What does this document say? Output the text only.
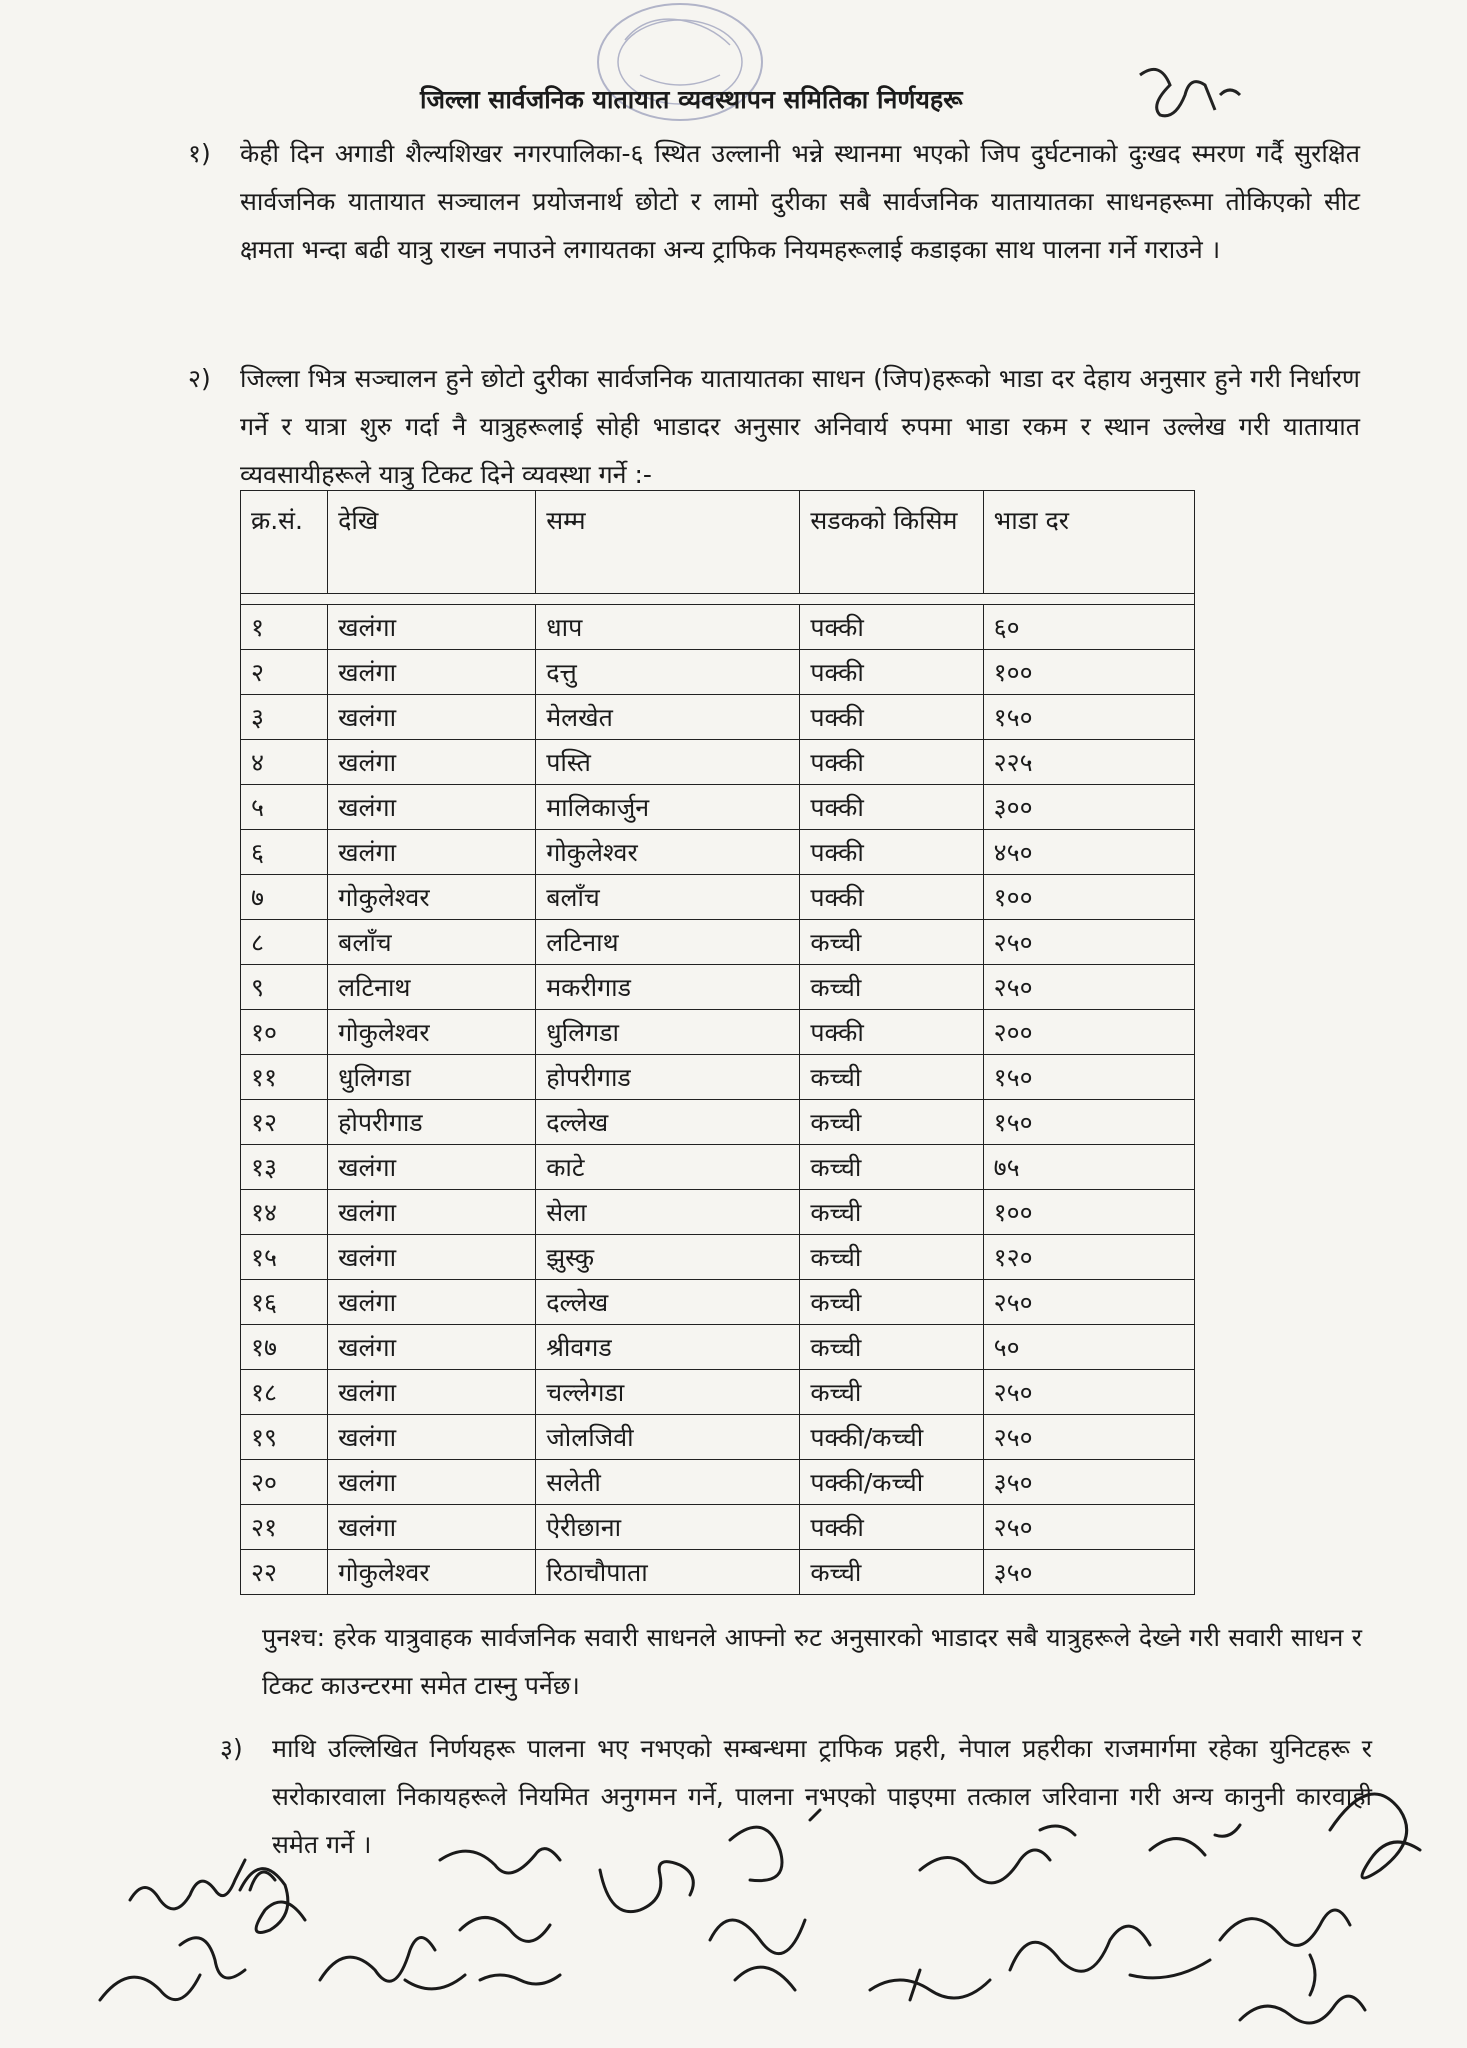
जिल्ला सार्वजनिक यातायात व्यवस्थापन समितिका निर्णयहरू
१) केही दिन अगाडी शैल्यशिखर नगरपालिका-६ स्थित उल्लानी भन्ने स्थानमा भएको जिप दुर्घटनाको दुःखद स्मरण गर्दै सुरक्षित सार्वजनिक यातायात सञ्चालन प्रयोजनार्थ छोटो र लामो दुरीका सबै सार्वजनिक यातायातका साधनहरूमा तोकिएको सीट क्षमता भन्दा बढी यात्रु राख्न नपाउने लगायतका अन्य ट्राफिक नियमहरूलाई कडाइका साथ पालना गर्ने गराउने ।
२) जिल्ला भित्र सञ्चालन हुने छोटो दुरीका सार्वजनिक यातायातका साधन (जिप)हरूको भाडा दर देहाय अनुसार हुने गरी निर्धारण गर्ने र यात्रा शुरु गर्दा नै यात्रुहरूलाई सोही भाडादर अनुसार अनिवार्य रुपमा भाडा रकम र स्थान उल्लेख गरी यातायात व्यवसायीहरूले यात्रु टिकट दिने व्यवस्था गर्ने :-
क्र.सं.	देखि	सम्म	सडकको किसिम	भाडा दर

१	खलंगा	धाप	पक्की	६०
२	खलंगा	दत्तु	पक्की	१००
३	खलंगा	मेलखेत	पक्की	१५०
४	खलंगा	पस्ति	पक्की	२२५
५	खलंगा	मालिकार्जुन	पक्की	३००
६	खलंगा	गोकुलेश्वर	पक्की	४५०
७	गोकुलेश्वर	बलाँच	पक्की	१००
८	बलाँच	लटिनाथ	कच्ची	२५०
९	लटिनाथ	मकरीगाड	कच्ची	२५०
१०	गोकुलेश्वर	धुलिगडा	पक्की	२००
११	धुलिगडा	होपरीगाड	कच्ची	१५०
१२	होपरीगाड	दल्लेख	कच्ची	१५०
१३	खलंगा	काटे	कच्ची	७५
१४	खलंगा	सेला	कच्ची	१००
१५	खलंगा	झुस्कु	कच्ची	१२०
१६	खलंगा	दल्लेख	कच्ची	२५०
१७	खलंगा	श्रीवगड	कच्ची	५०
१८	खलंगा	चल्लेगडा	कच्ची	२५०
१९	खलंगा	जोलजिवी	पक्की/कच्ची	२५०
२०	खलंगा	सलेती	पक्की/कच्ची	३५०
२१	खलंगा	ऐरीछाना	पक्की	२५०
२२	गोकुलेश्वर	रिठाचौपाता	कच्ची	३५०
पुनश्च: हरेक यात्रुवाहक सार्वजनिक सवारी साधनले आफ्नो रुट अनुसारको भाडादर सबै यात्रुहरूले देख्ने गरी सवारी साधन र टिकट काउन्टरमा समेत टास्नु पर्नेछ।
३) माथि उल्लिखित निर्णयहरू पालना भए नभएको सम्बन्धमा ट्राफिक प्रहरी, नेपाल प्रहरीका राजमार्गमा रहेका युनिटहरू र सरोकारवाला निकायहरूले नियमित अनुगमन गर्ने, पालना नभएको पाइएमा तत्काल जरिवाना गरी अन्य कानुनी कारवाही समेत गर्ने ।
